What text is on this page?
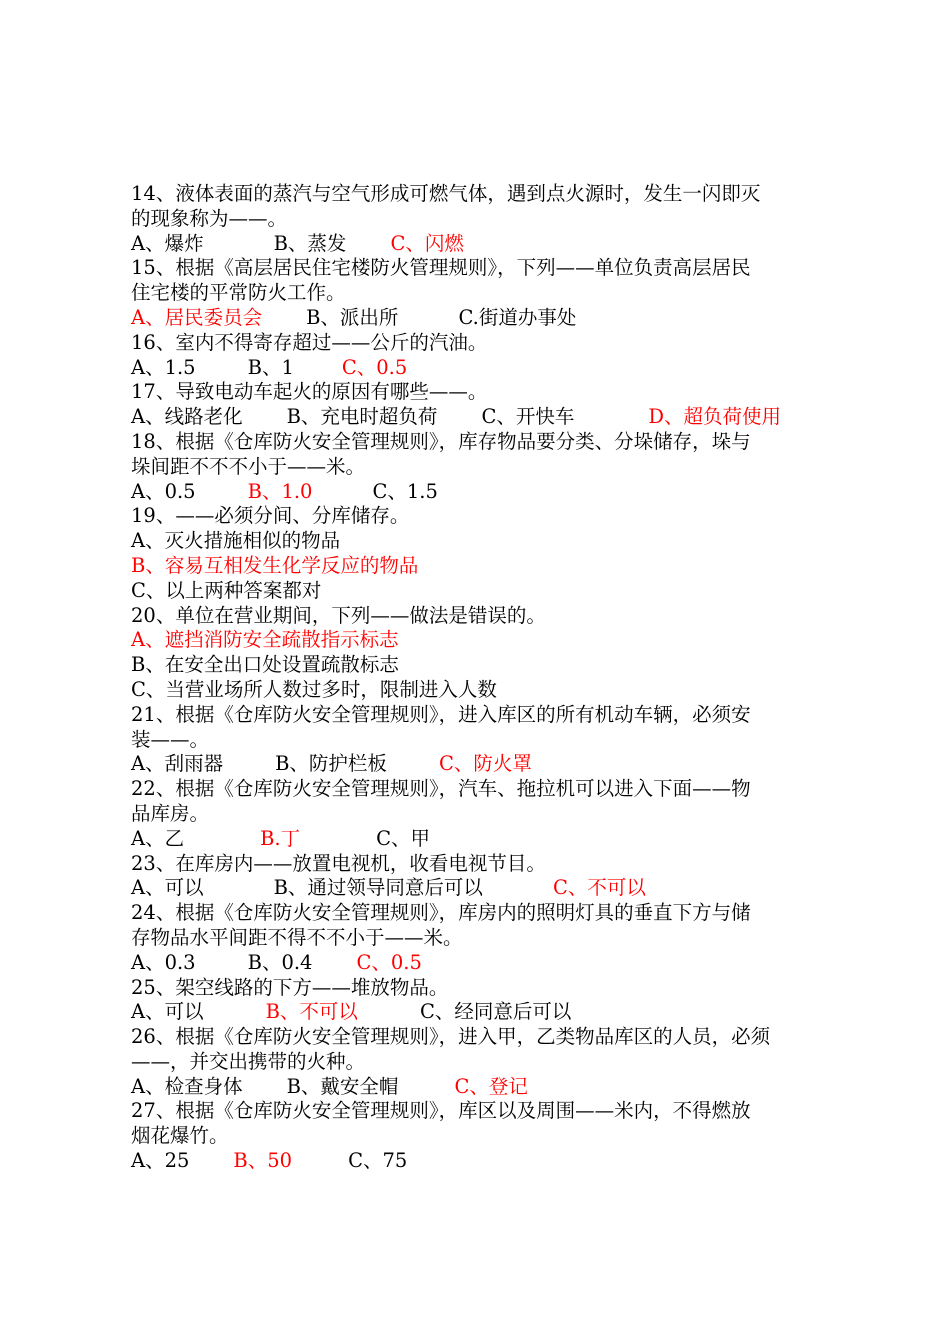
14、液体表面的蒸汽与空气形成可燃气体，遇到点火源时，发生一闪即灭
的现象称为——。
A、爆炸	B、蒸发 C、闪燃
15、根据《高层居民住宅楼防火管理规则》，下列——单位负责高层居民
住宅楼的平常防火工作。
A、居民委员会 B、派出所	C.街道办事处
16、室内不得寄存超过——公斤的汽油。
A、1.5	B、1 C、0.5
17、导致电动车起火的原因有哪些——。
A、线路老化 B、充电时超负荷 C、开快车	D、超负荷使用
18、根据《仓库防火安全管理规则》，库存物品要分类、分垛储存，垛与
垛间距不不不小于——米。
A、0.5	B、1.0	C、1.5
19、——必须分间、分库储存。
A、灭火措施相似的物品
B、容易互相发生化学反应的物品
C、以上两种答案都对
20、单位在营业期间，下列——做法是错误的。
A、遮挡消防安全疏散指示标志
B、在安全出口处设置疏散标志
C、当营业场所人数过多时，限制进入人数
21、根据《仓库防火安全管理规则》，进入库区的所有机动车辆，必须安
装——。
A、刮雨器	B、防护栏板	C、防火罩
22、根据《仓库防火安全管理规则》，汽车、拖拉机可以进入下面——物
品库房。
A、乙	B.丁	C、甲
23、在库房内——放置电视机，收看电视节目。
A、可以	B、通过领导同意后可以	C、不可以
24、根据《仓库防火安全管理规则》，库房内的照明灯具的垂直下方与储
存物品水平间距不得不不小于——米。
A、0.3	B、0.4 C、0.5
25、架空线路的下方——堆放物品。
A、可以	B、不可以	C、经同意后可以
26、根据《仓库防火安全管理规则》，进入甲，乙类物品库区的人员，必须
——，并交出携带的火种。
A、检查身体 B、戴安全帽	C、登记
27、根据《仓库防火安全管理规则》，库区以及周围——米内，不得燃放
烟花爆竹。
A、25 B、50	C、75
